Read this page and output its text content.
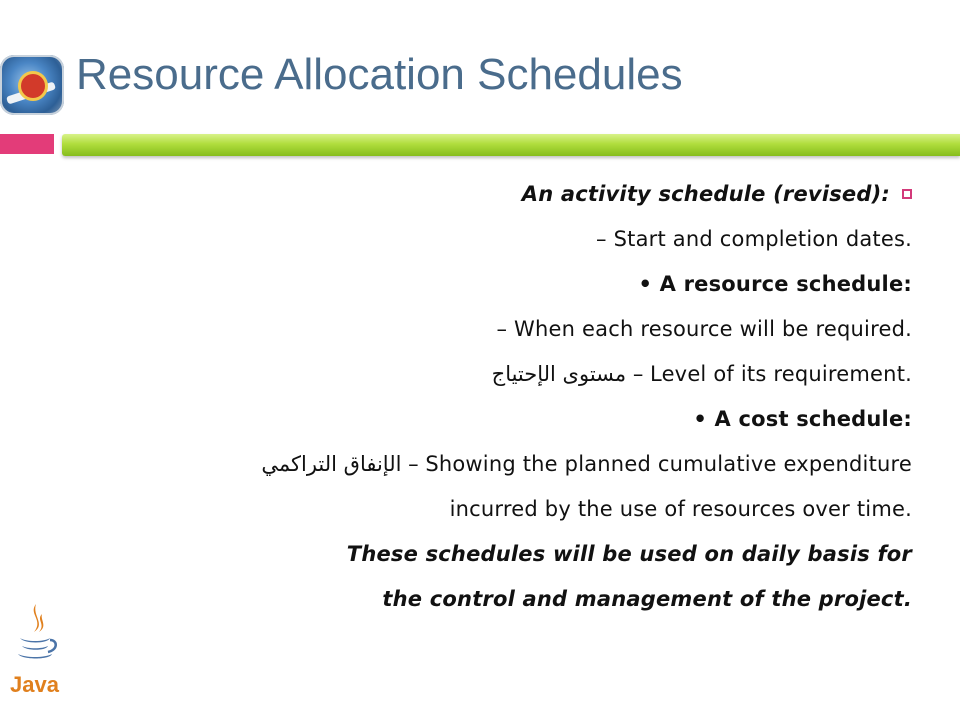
Resource Allocation Schedules
An activity schedule (revised):
– Start and completion dates.
• A resource schedule:
– When each resource will be required.
مستوى الإحتياج – Level of its requirement.
• A cost schedule:
الإنفاق التراكمي – Showing the planned cumulative expenditure
incurred by the use of resources over time.
These schedules will be used on daily basis for
the control and management of the project.
Java
